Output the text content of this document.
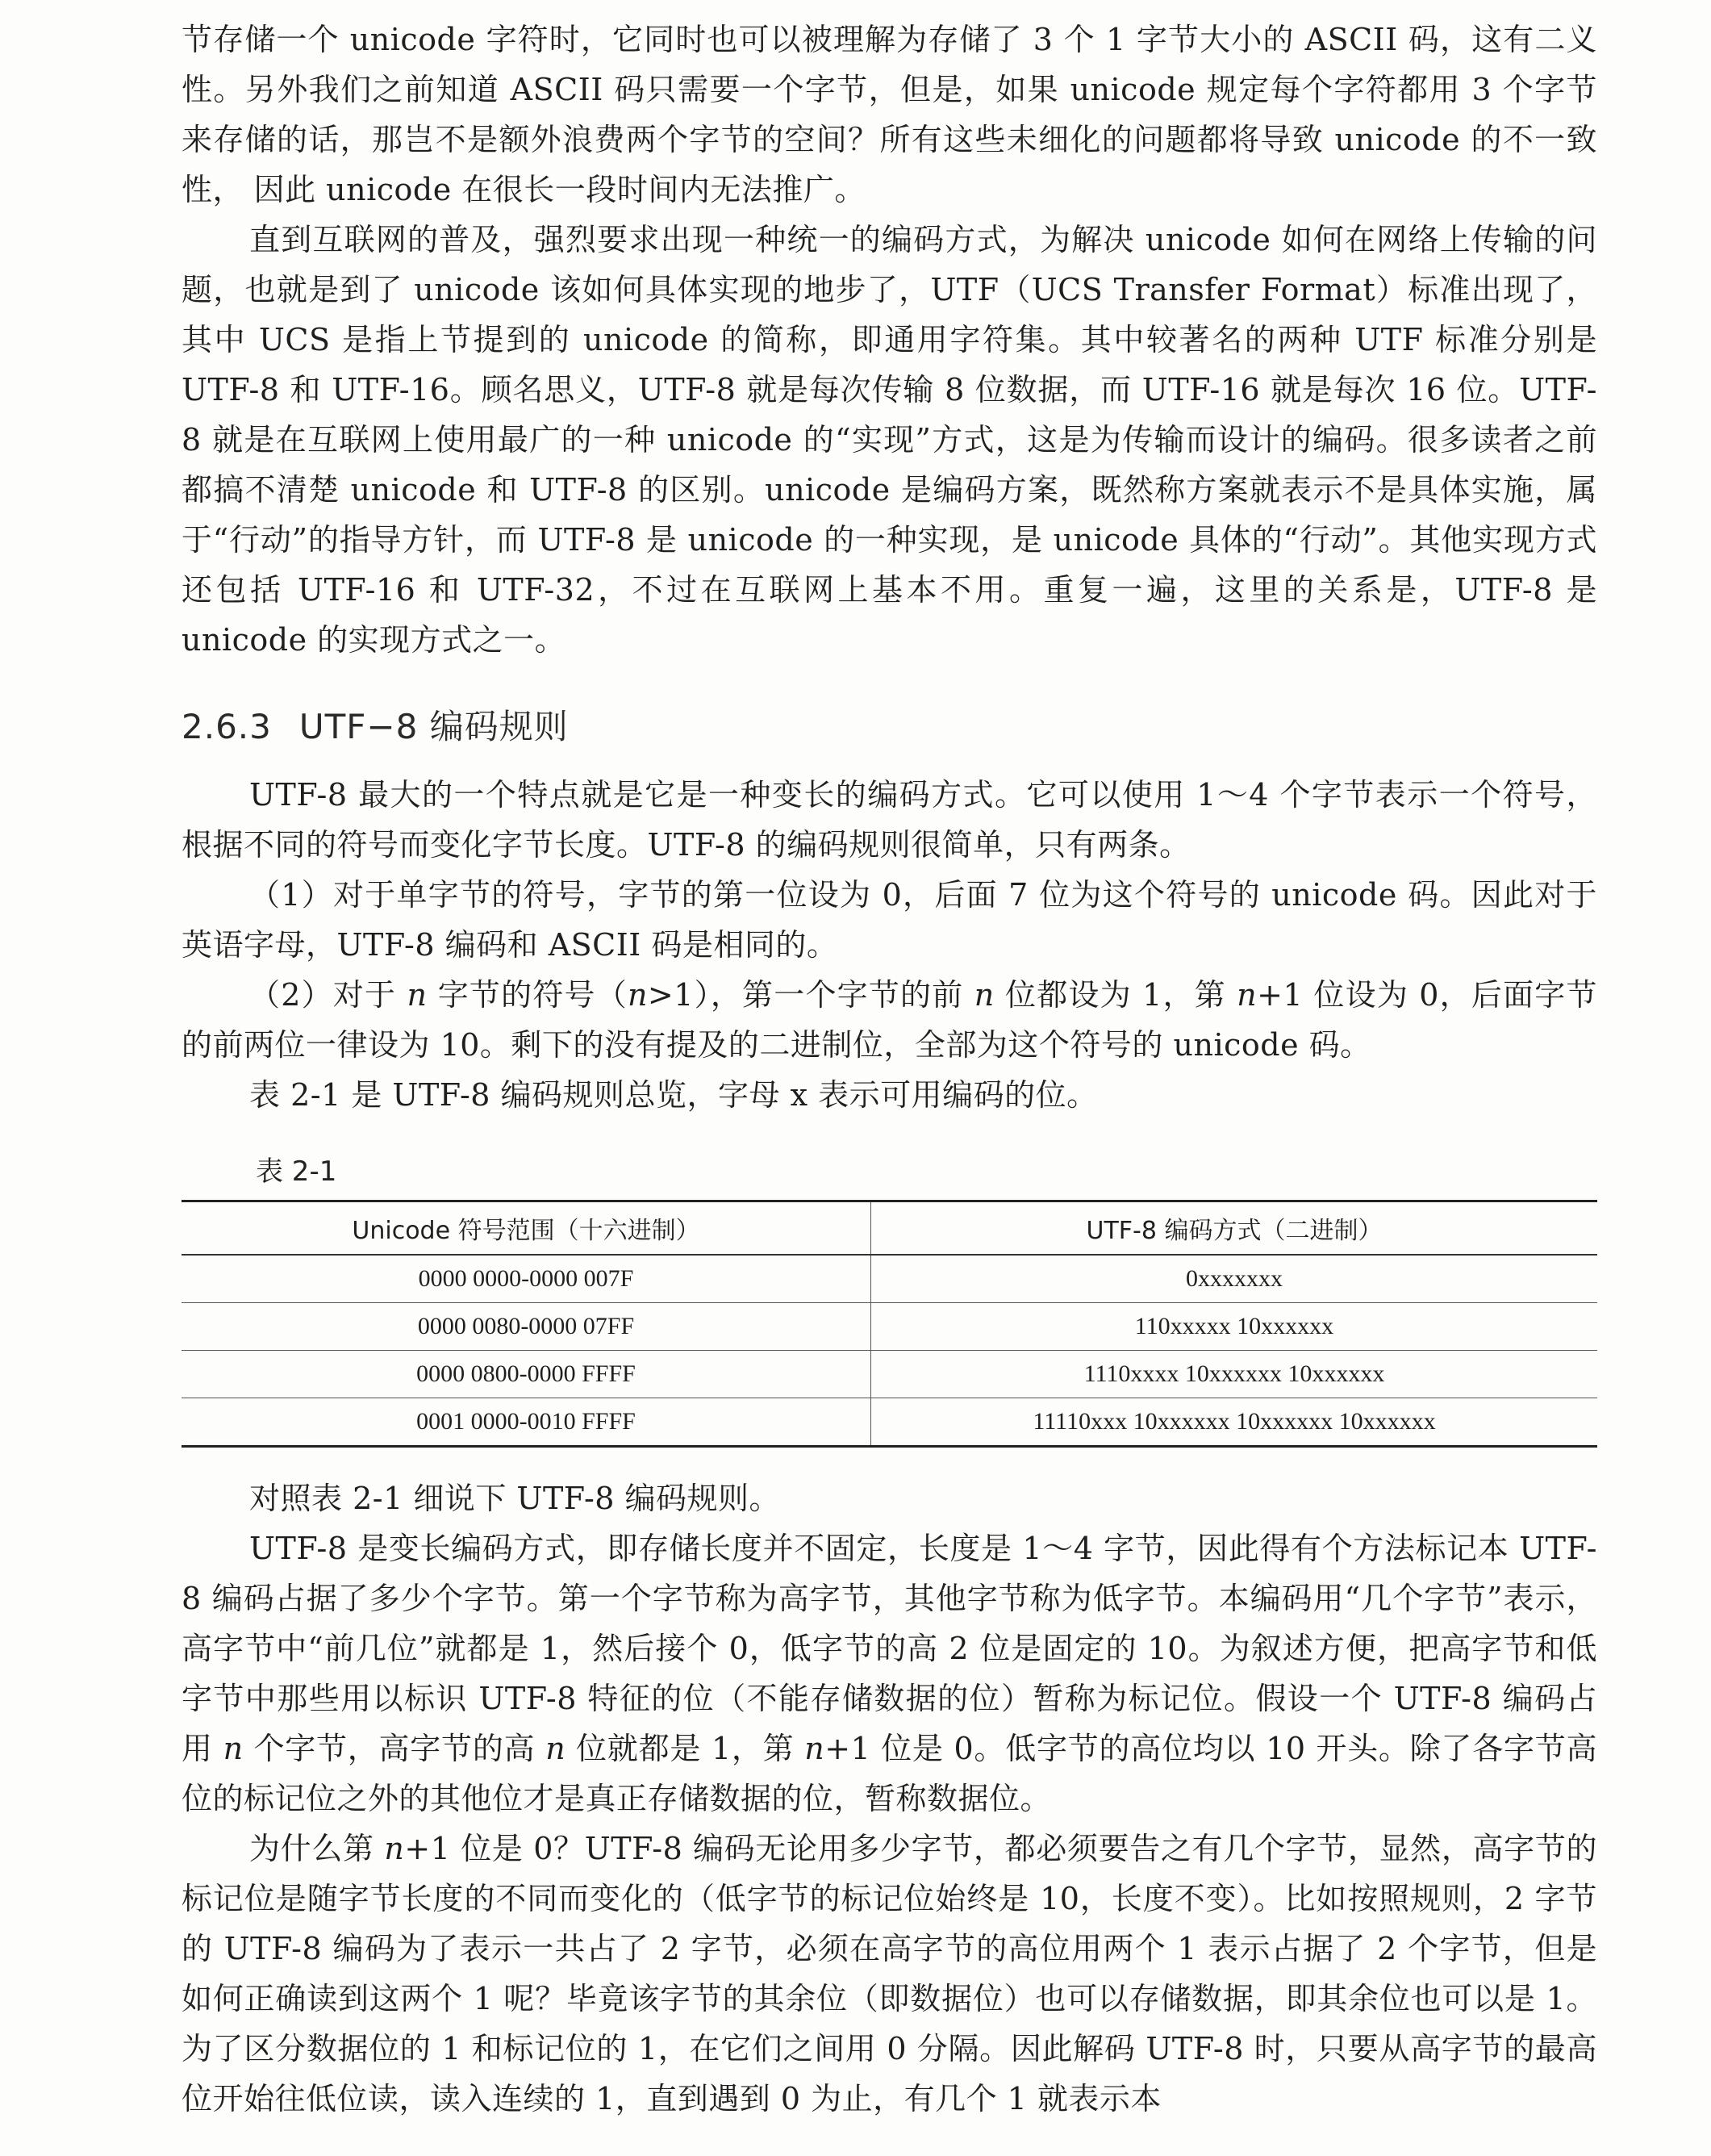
节存储一个 unicode 字符时，它同时也可以被理解为存储了 3 个 1 字节大小的 ASCII 码，这有二义性。另外我们之前知道 ASCII 码只需要一个字节，但是，如果 unicode 规定每个字符都用 3 个字节来存储的话，那岂不是额外浪费两个字节的空间？所有这些未细化的问题都将导致 unicode 的不一致性， 因此 unicode 在很长一段时间内无法推广。

直到互联网的普及，强烈要求出现一种统一的编码方式，为解决 unicode 如何在网络上传输的问题，也就是到了 unicode 该如何具体实现的地步了，UTF（UCS Transfer Format）标准出现了，其中 UCS 是指上节提到的 unicode 的简称，即通用字符集。其中较著名的两种 UTF 标准分别是 UTF-8 和 UTF-16。顾名思义，UTF-8 就是每次传输 8 位数据，而 UTF-16 就是每次 16 位。UTF-8 就是在互联网上使用最广的一种 unicode 的“实现”方式，这是为传输而设计的编码。很多读者之前都搞不清楚 unicode 和 UTF-8 的区别。unicode 是编码方案，既然称方案就表示不是具体实施，属于“行动”的指导方针，而 UTF-8 是 unicode 的一种实现，是 unicode 具体的“行动”。其他实现方式还包括 UTF-16 和 UTF-32，不过在互联网上基本不用。重复一遍，这里的关系是，UTF-8 是 unicode 的实现方式之一。

2.6.3 UTF−8 编码规则

UTF-8 最大的一个特点就是它是一种变长的编码方式。它可以使用 1～4 个字节表示一个符号，根据不同的符号而变化字节长度。UTF-8 的编码规则很简单，只有两条。

（1）对于单字节的符号，字节的第一位设为 0，后面 7 位为这个符号的 unicode 码。因此对于英语字母，UTF-8 编码和 ASCII 码是相同的。

（2）对于 n 字节的符号（n>1），第一个字节的前 n 位都设为 1，第 n+1 位设为 0，后面字节的前两位一律设为 10。剩下的没有提及的二进制位，全部为这个符号的 unicode 码。

表 2-1 是 UTF-8 编码规则总览，字母 x 表示可用编码的位。

表 2-1
Unicode 符号范围（十六进制）	UTF-8 编码方式（二进制）
0000 0000-0000 007F	0xxxxxxx
0000 0080-0000 07FF	110xxxxx 10xxxxxx
0000 0800-0000 FFFF	1110xxxx 10xxxxxx 10xxxxxx
0001 0000-0010 FFFF	11110xxx 10xxxxxx 10xxxxxx 10xxxxxx

对照表 2-1 细说下 UTF-8 编码规则。

UTF-8 是变长编码方式，即存储长度并不固定，长度是 1～4 字节，因此得有个方法标记本 UTF-8 编码占据了多少个字节。第一个字节称为高字节，其他字节称为低字节。本编码用“几个字节”表示，高字节中“前几位”就都是 1，然后接个 0，低字节的高 2 位是固定的 10。为叙述方便，把高字节和低字节中那些用以标识 UTF-8 特征的位（不能存储数据的位）暂称为标记位。假设一个 UTF-8 编码占用 n 个字节，高字节的高 n 位就都是 1，第 n+1 位是 0。低字节的高位均以 10 开头。除了各字节高位的标记位之外的其他位才是真正存储数据的位，暂称数据位。

为什么第 n+1 位是 0？UTF-8 编码无论用多少字节，都必须要告之有几个字节，显然，高字节的标记位是随字节长度的不同而变化的（低字节的标记位始终是 10，长度不变）。比如按照规则，2 字节的 UTF-8 编码为了表示一共占了 2 字节，必须在高字节的高位用两个 1 表示占据了 2 个字节，但是如何正确读到这两个 1 呢？毕竟该字节的其余位（即数据位）也可以存储数据，即其余位也可以是 1。为了区分数据位的 1 和标记位的 1，在它们之间用 0 分隔。因此解码 UTF-8 时，只要从高字节的最高位开始往低位读，读入连续的 1，直到遇到 0 为止，有几个 1 就表示本
